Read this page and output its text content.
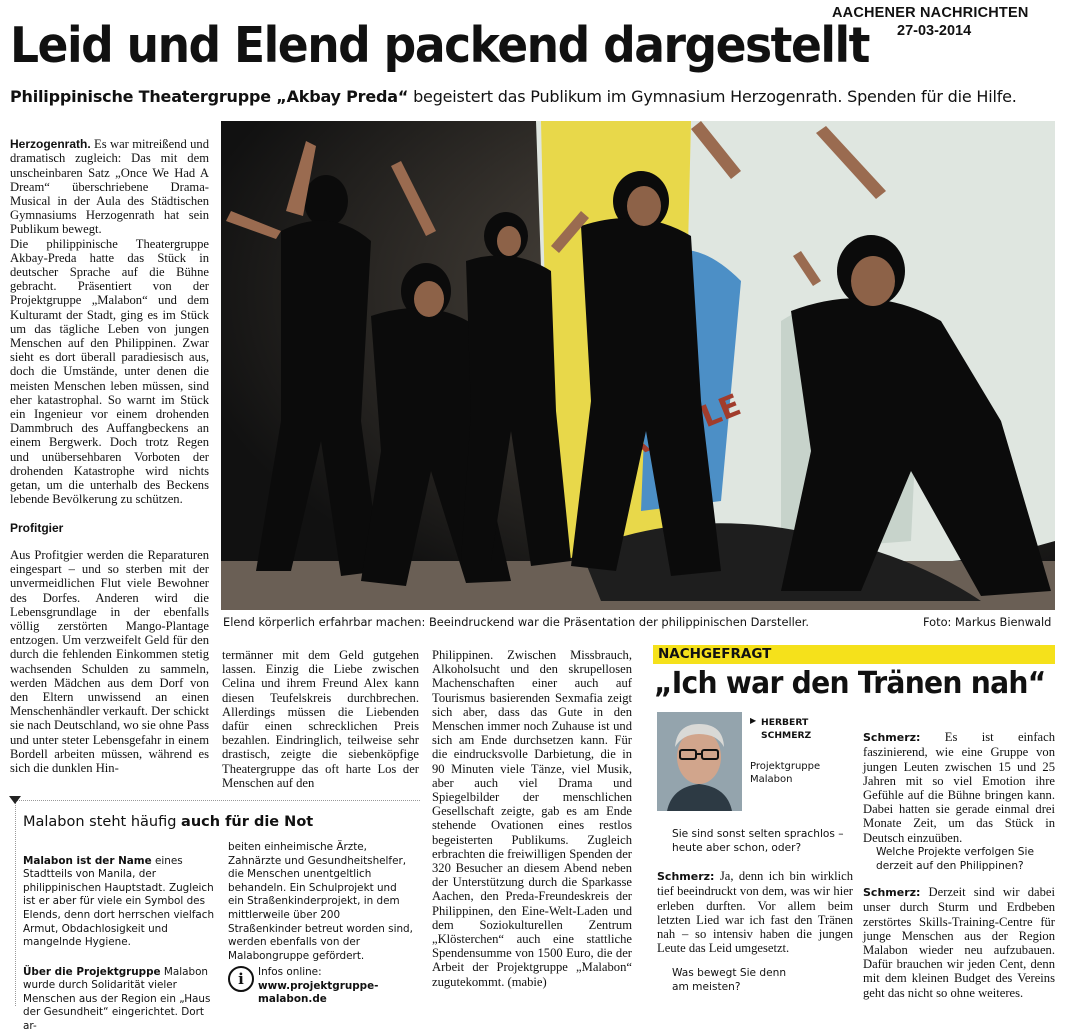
AACHENER NACHRICHTEN
27-03-2014
Leid und Elend packend dargestellt
Philippinische Theatergruppe „Akbay Preda“ begeistert das Publikum im Gymnasium Herzogenrath. Spenden für die Hilfe.

Herzogenrath. Es war mitreißend und dramatisch zugleich: Das mit dem unscheinbaren Satz „Once We Had A Dream“ überschriebene Drama-Musical in der Aula des Städtischen Gymnasiums Herzogenrath hat sein Publikum bewegt.
Die philippinische Theatergruppe Akbay-Preda hatte das Stück in deutscher Sprache auf die Bühne gebracht. Präsentiert von der Projektgruppe „Malabon“ und dem Kulturamt der Stadt, ging es im Stück um das tägliche Leben von jungen Menschen auf den Philippinen. Zwar sieht es dort überall paradiesisch aus, doch die Umstände, unter denen die meisten Menschen leben müssen, sind eher katastrophal. So warnt im Stück ein Ingenieur vor einem drohenden Dammbruch des Auffangbeckens an einem Bergwerk. Doch trotz Regen und unübersehbaren Vorboten der drohenden Katastrophe wird nichts getan, um die unterhalb des Beckens lebende Bevölkerung zu schützen.

Profitgier
Aus Profitgier werden die Reparaturen eingespart – und so sterben mit der unvermeidlichen Flut viele Bewohner des Dorfes. Anderen wird die Lebensgrundlage in der ebenfalls völlig zerstörten Mango-Plantage entzogen. Um verzweifelt Geld für den durch die fehlenden Einkommen stetig wachsenden Schulden zu sammeln, werden Mädchen aus dem Dorf von den Eltern unwissend an einen Menschenhändler verkauft. Der schickt sie nach Deutschland, wo sie ohne Pass und unter steter Lebensgefahr in einem Bordell arbeiten müssen, während es sich die dunklen Hin-
Elend körperlich erfahrbar machen: Beeindruckend war die Präsentation der philippinischen Darsteller.	Foto: Markus Bienwald
termänner mit dem Geld gutgehen lassen. Einzig die Liebe zwischen Celina und ihrem Freund Alex kann diesen Teufelskreis durchbrechen. Allerdings müssen die Liebenden dafür einen schrecklichen Preis bezahlen. Eindringlich, teilweise sehr drastisch, zeigte die siebenköpfige Theatergruppe das oft harte Los der Menschen auf den
Philippinen. Zwischen Missbrauch, Alkoholsucht und den skrupellosen Machenschaften einer auch auf Tourismus basierenden Sexmafia zeigt sich aber, dass das Gute in den Menschen immer noch Zuhause ist und sich am Ende durchsetzen kann. Für die eindrucksvolle Darbietung, die in 90 Minuten viele Tänze, viel Musik, aber auch viel Drama und Spiegelbilder der menschlichen Gesellschaft zeigte, gab es am Ende stehende Ovationen eines restlos begeisterten Publikums. Zugleich erbrachten die freiwilligen Spenden der 320 Besucher an diesem Abend neben der Unterstützung durch die Sparkasse Aachen, den Preda-Freundeskreis der Philippinen, den Eine-Welt-Laden und dem Soziokulturellen Zentrum „Klösterchen“ auch eine stattliche Spendensumme von 1500 Euro, die der Arbeit der Projektgruppe „Malabon“ zugutekommt. (mabie)
Malabon steht häufig auch für die Not

Malabon ist der Name eines Stadtteils von Manila, der philippinischen Hauptstadt. Zugleich ist er aber für viele ein Symbol des Elends, denn dort herrschen vielfach Armut, Obdachlosigkeit und mangelnde Hygiene.

Über die Projektgruppe Malabon wurde durch Solidarität vieler Menschen aus der Region ein „Haus der Gesundheit“ eingerichtet. Dort ar-

beiten einheimische Ärzte, Zahnärzte und Gesundheitshelfer, die Menschen unentgeltlich behandeln. Ein Schulprojekt und ein Straßenkinderprojekt, in dem mittlerweile über 200 Straßenkinder betreut worden sind, werden ebenfalls von der Malabongruppe gefördert.
i	Infos online:
www.projektgruppe-malabon.de
NACHGEFRAGT
„Ich war den Tränen nah“
▶ HERBERT SCHMERZ
Projektgruppe Malabon
Sie sind sonst selten sprachlos – heute aber schon, oder?

Schmerz: Ja, denn ich bin wirklich tief beeindruckt von dem, was wir hier erleben durften. Vor allem beim letzten Lied war ich fast den Tränen nah – so intensiv haben die jungen Leute das Leid umgesetzt.

Was bewegt Sie denn am meisten?

Schmerz: Es ist einfach faszinierend, wie eine Gruppe von jungen Leuten zwischen 15 und 25 Jahren mit so viel Emotion ihre Gefühle auf die Bühne bringen kann. Dabei hatten sie gerade einmal drei Monate Zeit, um das Stück in Deutsch einzuüben.

Welche Projekte verfolgen Sie derzeit auf den Philippinen?

Schmerz: Derzeit sind wir dabei unser durch Sturm und Erdbeben zerstörtes Skills-Training-Centre für junge Menschen aus der Region Malabon wieder neu aufzubauen. Dafür brauchen wir jeden Cent, denn mit dem kleinen Budget des Vereins geht das nicht so ohne weiteres.
